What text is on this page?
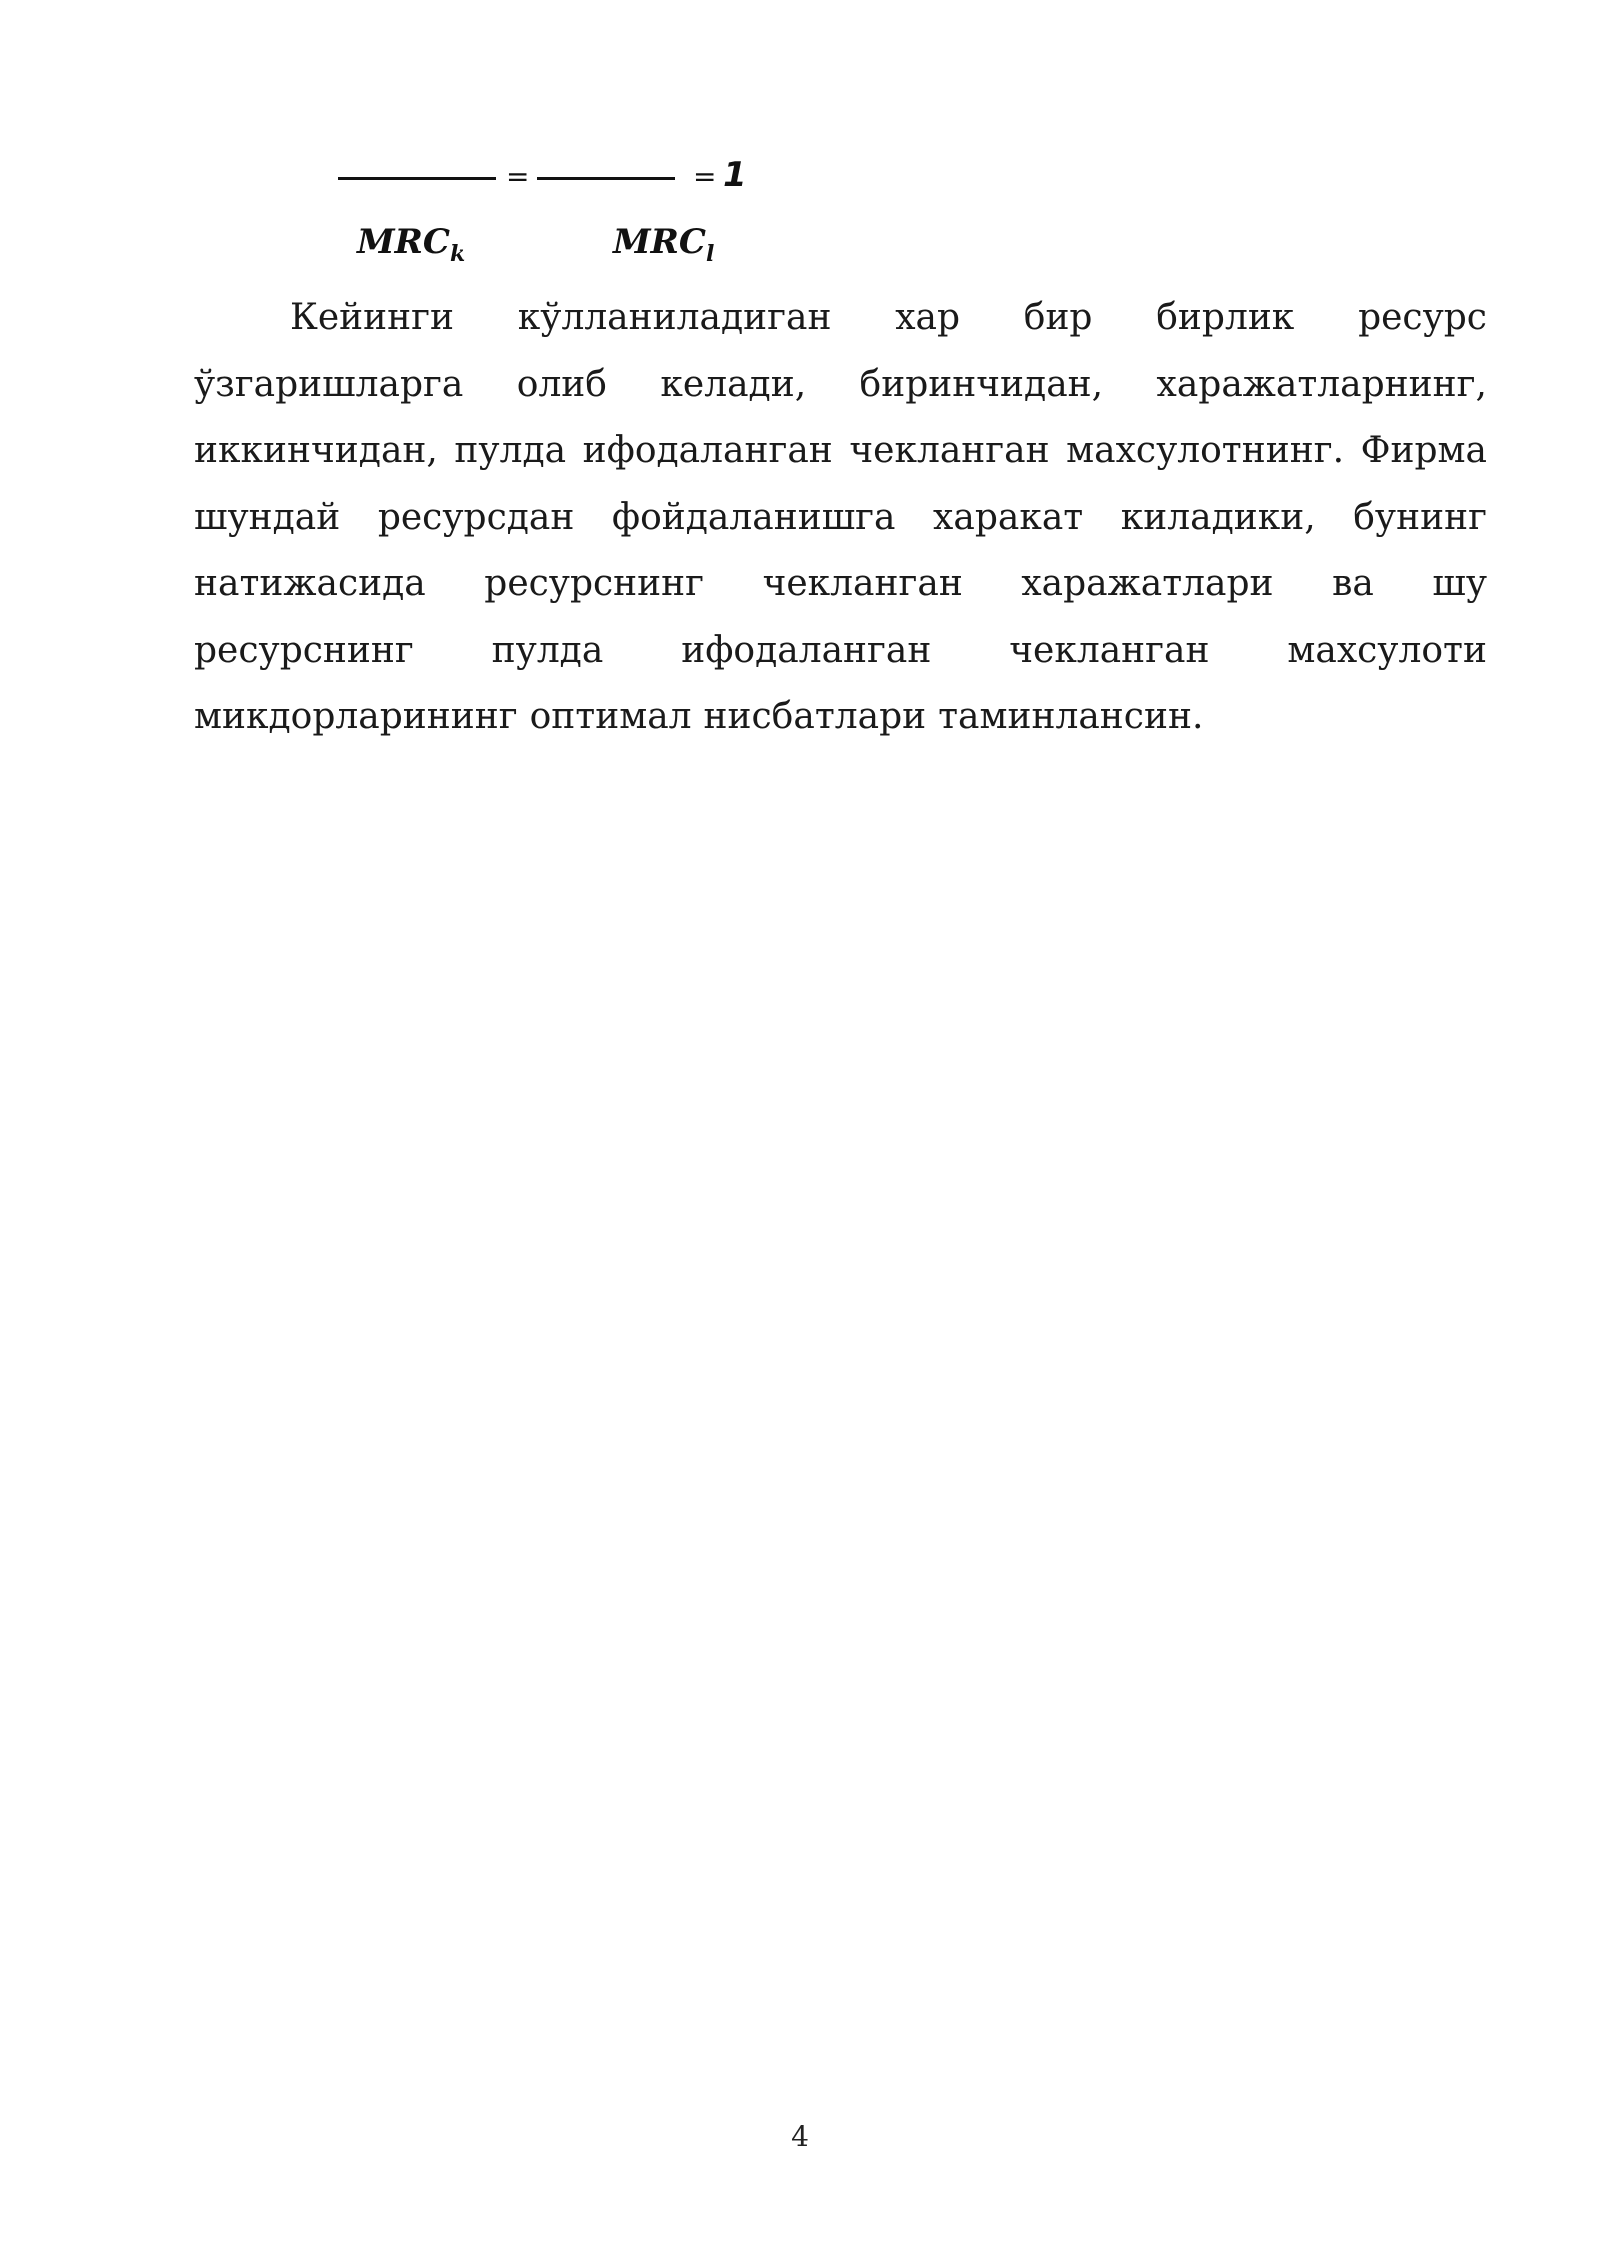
=	= 1
$MRC_k$	$MRC_l$
Кейинги кўлланиладиган хар бир бирлик ресурс
ўзгаришларга олиб келади, биринчидан, харажатларнинг,
иккинчидан, пулда ифодаланган чекланган махсулотнинг. Фирма
шундай ресурсдан фойдаланишга харакат киладики, бунинг
натижасида ресурснинг чекланган харажатлари ва шу
ресурснинг пулда ифодаланган чекланган махсулоти
микдорларининг оптимал нисбатлари таминлансин.
4
